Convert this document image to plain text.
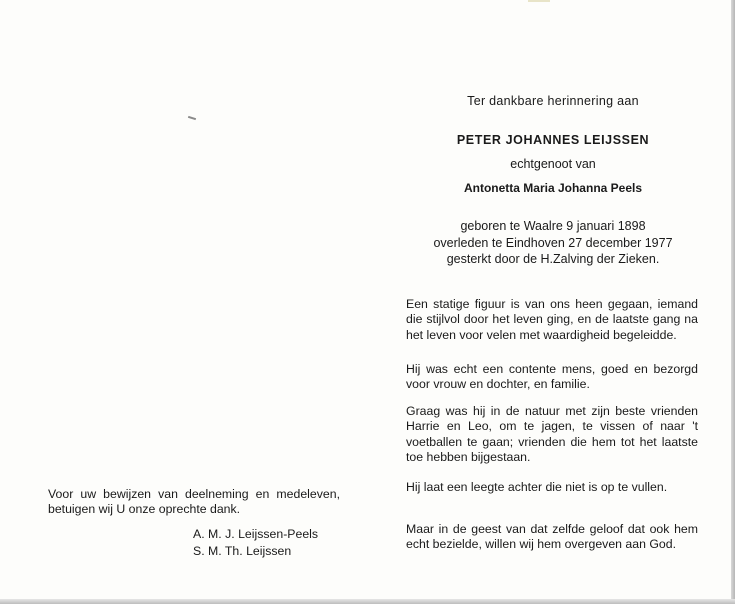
Ter dankbare herinnering aan
PETER JOHANNES LEIJSSEN
echtgenoot van
Antonetta Maria Johanna Peels
geboren te Waalre 9 januari 1898
overleden te Eindhoven 27 december 1977
gesterkt door de H.Zalving der Zieken.

Een statige figuur is van ons heen gegaan, iemand die stijlvol door het leven ging, en de laatste gang na het leven voor velen met waardigheid begeleidde.

Hij was echt een contente mens, goed en bezorgd voor vrouw en dochter, en familie.

Graag was hij in de natuur met zijn beste vrienden Harrie en Leo, om te jagen, te vissen of naar 't voetballen te gaan; vrienden die hem tot het laatste toe hebben bijgestaan.

Hij laat een leegte achter die niet is op te vullen.

Maar in de geest van dat zelfde geloof dat ook hem echt bezielde, willen wij hem overgeven aan God.

Voor uw bewijzen van deelneming en medeleven, betuigen wij U onze oprechte dank.

A. M. J. Leijssen-Peels
S. M. Th. Leijssen
